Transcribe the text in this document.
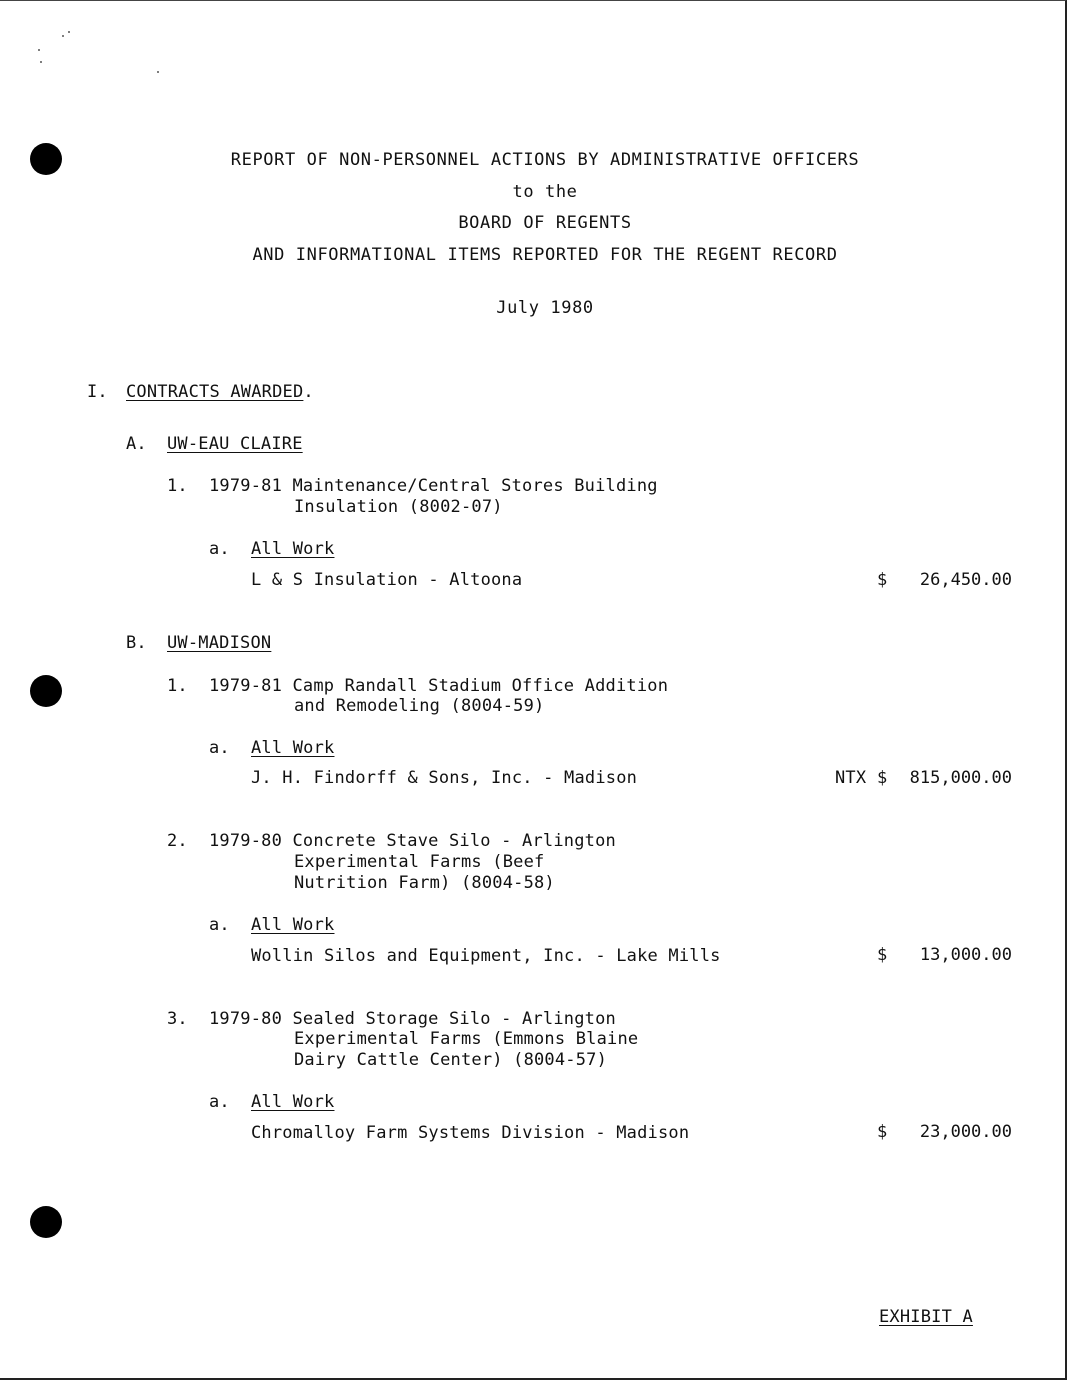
REPORT OF NON-PERSONNEL ACTIONS BY ADMINISTRATIVE OFFICERS
to the
BOARD OF REGENTS
AND INFORMATIONAL ITEMS REPORTED FOR THE REGENT RECORD
July 1980
I. CONTRACTS AWARDED.
A. UW-EAU CLAIRE
1. 1979-81 Maintenance/Central Stores Building
Insulation (8002-07)
a. All Work
L & S Insulation - Altoona	$	26,450.00
B. UW-MADISON
1. 1979-81 Camp Randall Stadium Office Addition
and Remodeling (8004-59)
a. All Work
J. H. Findorff & Sons, Inc. - Madison	NTX $	815,000.00
2. 1979-80 Concrete Stave Silo - Arlington
Experimental Farms (Beef
Nutrition Farm) (8004-58)
a. All Work
Wollin Silos and Equipment, Inc. - Lake Mills	$	13,000.00
3. 1979-80 Sealed Storage Silo - Arlington
Experimental Farms (Emmons Blaine
Dairy Cattle Center) (8004-57)
a. All Work
Chromalloy Farm Systems Division - Madison	$	23,000.00
EXHIBIT A
